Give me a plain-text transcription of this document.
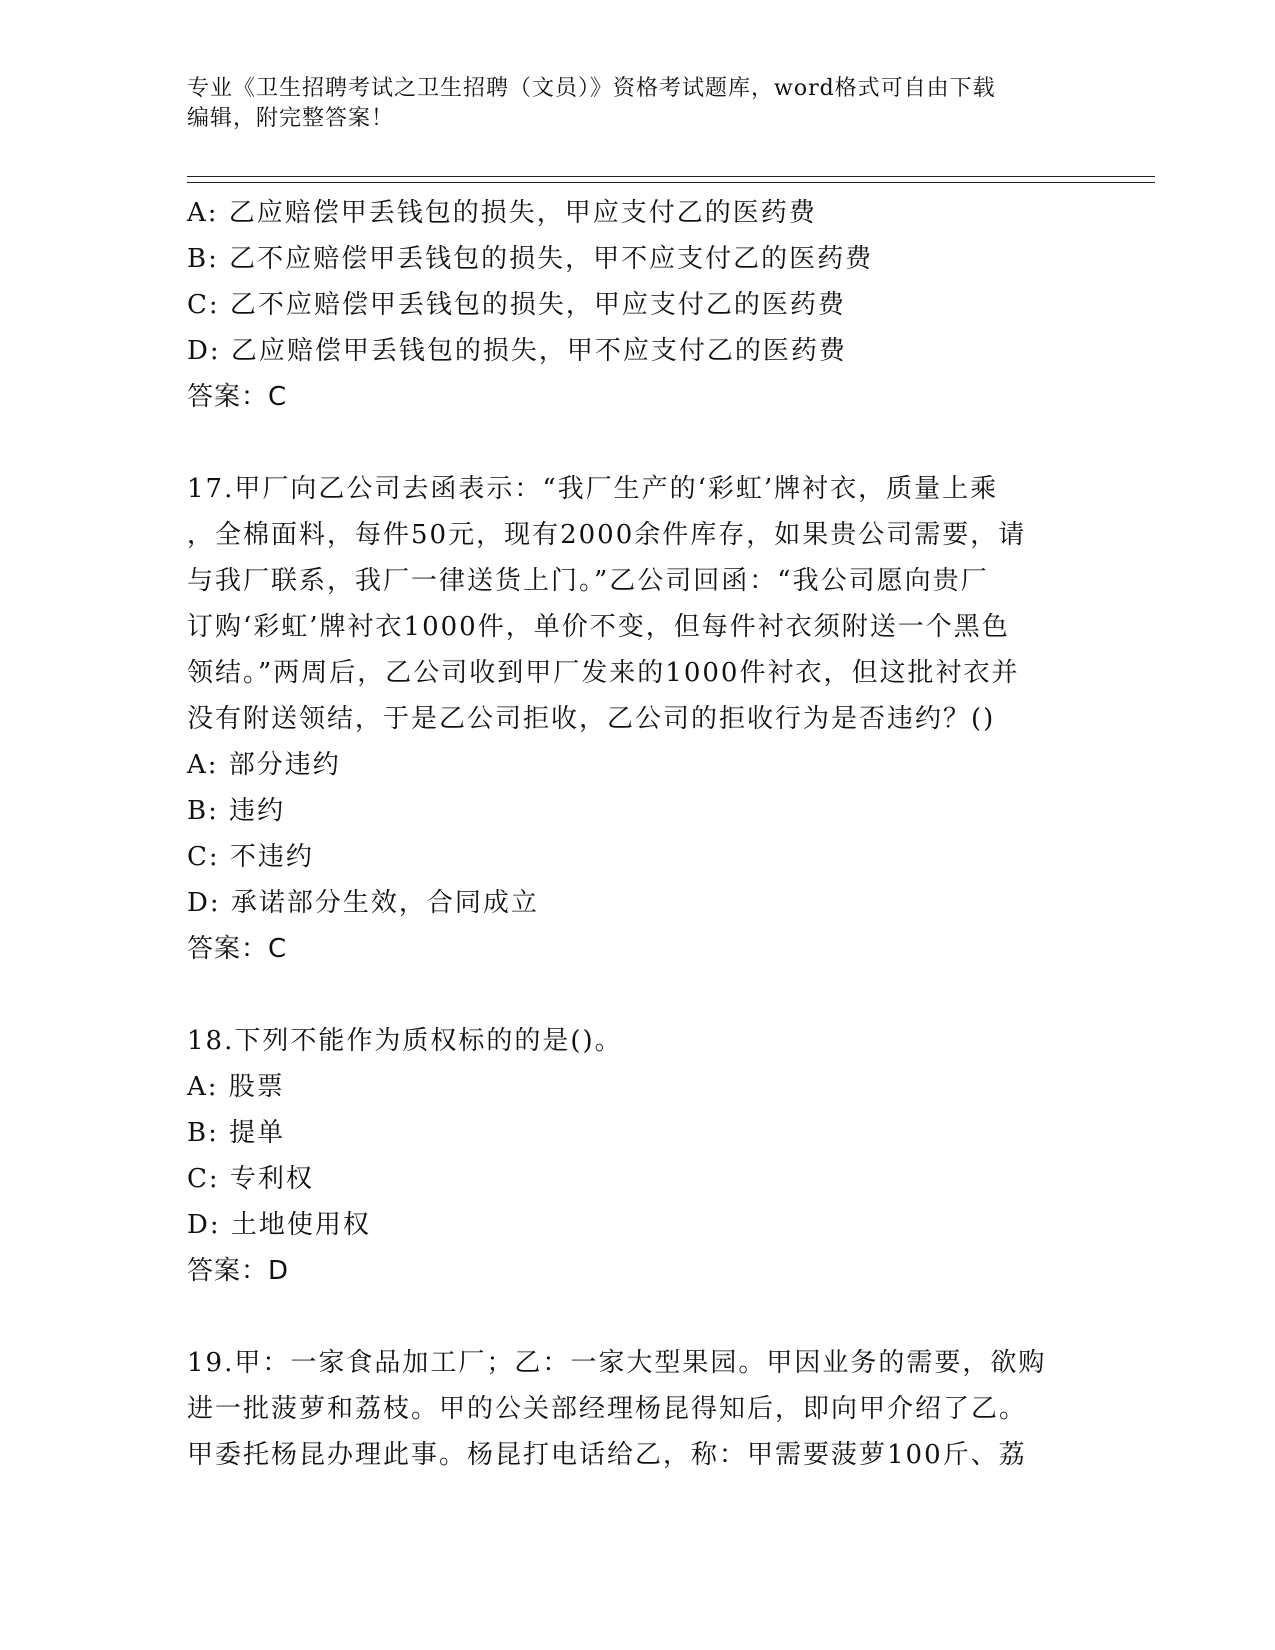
专业《卫生招聘考试之卫生招聘（文员）》资格考试题库，word格式可自由下载
编辑，附完整答案！
A: 乙应赔偿甲丢钱包的损失，甲应支付乙的医药费
B: 乙不应赔偿甲丢钱包的损失，甲不应支付乙的医药费
C: 乙不应赔偿甲丢钱包的损失，甲应支付乙的医药费
D: 乙应赔偿甲丢钱包的损失，甲不应支付乙的医药费
答案：C
17.甲厂向乙公司去函表示：“我厂生产的‘彩虹’牌衬衣，质量上乘
，全棉面料，每件50元，现有2000余件库存，如果贵公司需要，请
与我厂联系，我厂一律送货上门。”乙公司回函：“我公司愿向贵厂
订购‘彩虹’牌衬衣1000件，单价不变，但每件衬衣须附送一个黑色
领结。”两周后，乙公司收到甲厂发来的1000件衬衣，但这批衬衣并
没有附送领结，于是乙公司拒收，乙公司的拒收行为是否违约？()
A: 部分违约
B: 违约
C: 不违约
D: 承诺部分生效，合同成立
答案：C
18.下列不能作为质权标的的是()。
A: 股票
B: 提单
C: 专利权
D: 土地使用权
答案：D
19.甲：一家食品加工厂；乙：一家大型果园。甲因业务的需要，欲购
进一批菠萝和荔枝。甲的公关部经理杨昆得知后，即向甲介绍了乙。
甲委托杨昆办理此事。杨昆打电话给乙，称：甲需要菠萝100斤、荔
